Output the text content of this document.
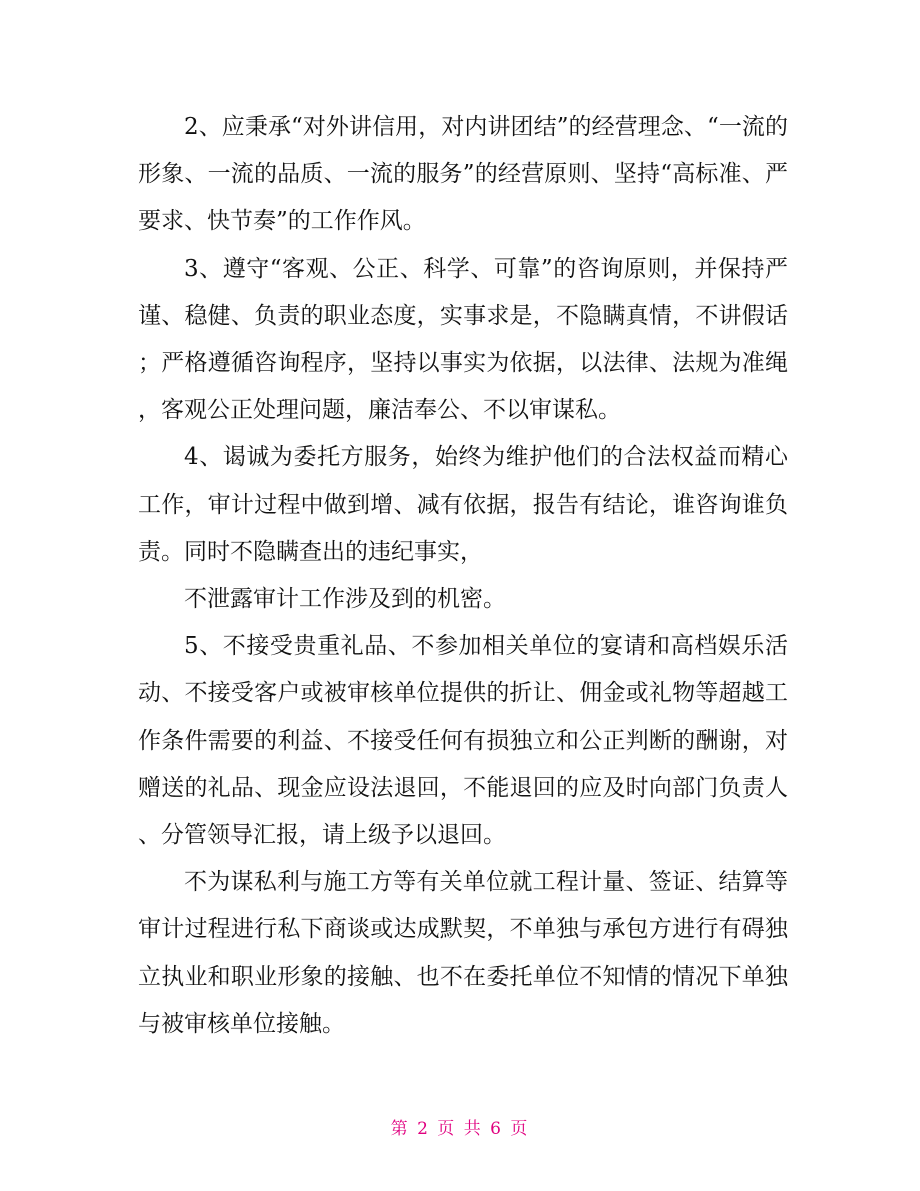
2、应秉承“对外讲信用，对内讲团结”的经营理念、“一流的形象、一流的品质、一流的服务”的经营原则、坚持“高标准、严要求、快节奏”的工作作风。

3、遵守“客观、公正、科学、可靠”的咨询原则，并保持严谨、稳健、负责的职业态度，实事求是，不隐瞒真情，不讲假话；严格遵循咨询程序，坚持以事实为依据，以法律、法规为准绳，客观公正处理问题，廉洁奉公、不以审谋私。

4、谒诚为委托方服务，始终为维护他们的合法权益而精心工作，审计过程中做到增、减有依据，报告有结论，谁咨询谁负责。同时不隐瞒查出的违纪事实，

不泄露审计工作涉及到的机密。

5、不接受贵重礼品、不参加相关单位的宴请和高档娱乐活动、不接受客户或被审核单位提供的折让、佣金或礼物等超越工作条件需要的利益、不接受任何有损独立和公正判断的酬谢，对赠送的礼品、现金应设法退回，不能退回的应及时向部门负责人、分管领导汇报，请上级予以退回。

不为谋私利与施工方等有关单位就工程计量、签证、结算等审计过程进行私下商谈或达成默契，不单独与承包方进行有碍独立执业和职业形象的接触、也不在委托单位不知情的情况下单独与被审核单位接触。

第 2 页 共 6 页
